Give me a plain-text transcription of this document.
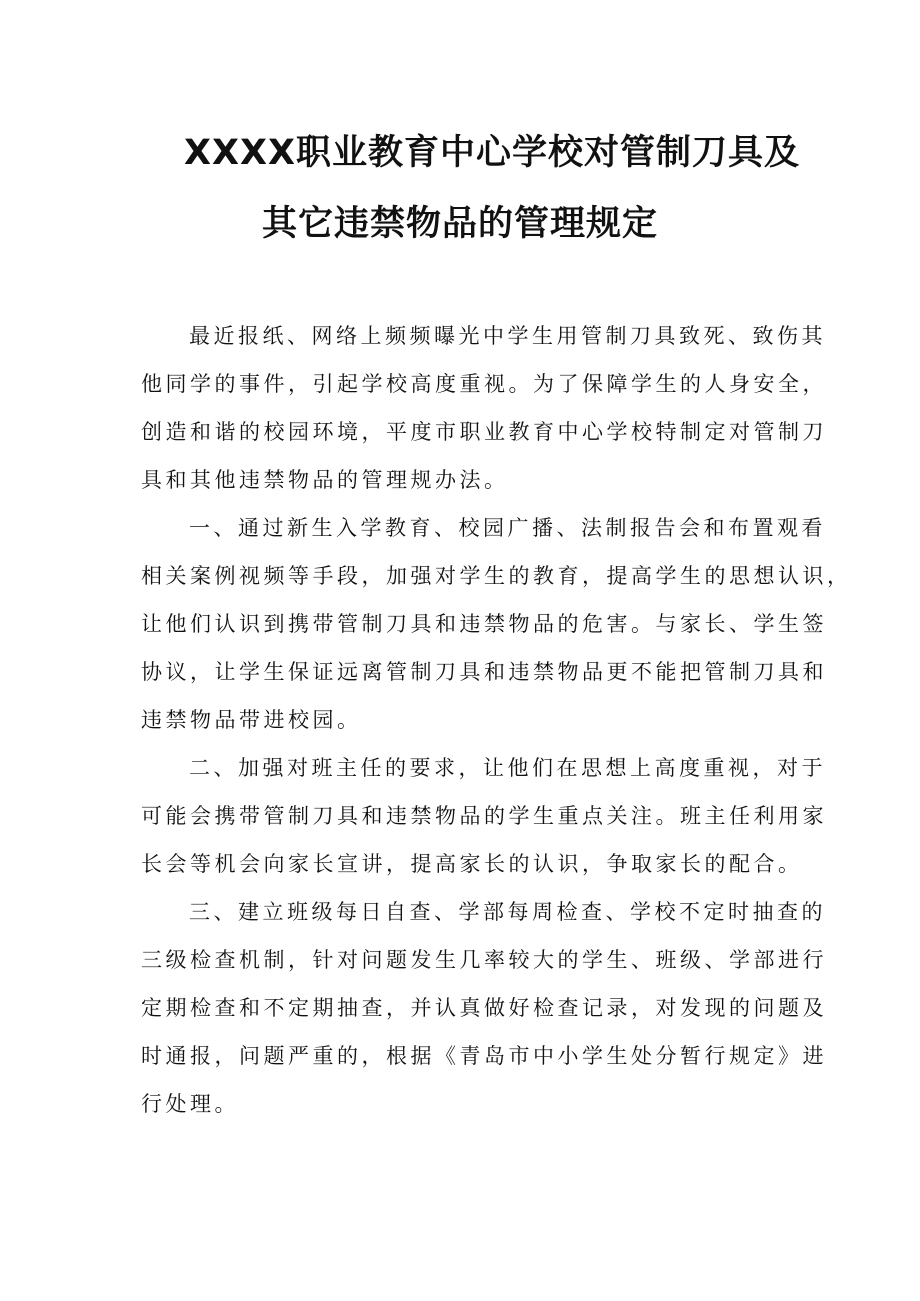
XXXX职业教育中心学校对管制刀具及
其它违禁物品的管理规定
最近报纸、网络上频频曝光中学生用管制刀具致死、致伤其
他同学的事件，引起学校高度重视。为了保障学生的人身安全，
创造和谐的校园环境，平度市职业教育中心学校特制定对管制刀
具和其他违禁物品的管理规办法。
一、通过新生入学教育、校园广播、法制报告会和布置观看
相关案例视频等手段，加强对学生的教育，提高学生的思想认识，
让他们认识到携带管制刀具和违禁物品的危害。与家长、学生签
协议，让学生保证远离管制刀具和违禁物品更不能把管制刀具和
违禁物品带进校园。
二、加强对班主任的要求，让他们在思想上高度重视，对于
可能会携带管制刀具和违禁物品的学生重点关注。班主任利用家
长会等机会向家长宣讲，提高家长的认识，争取家长的配合。
三、建立班级每日自查、学部每周检查、学校不定时抽查的
三级检查机制，针对问题发生几率较大的学生、班级、学部进行
定期检查和不定期抽查，并认真做好检查记录，对发现的问题及
时通报，问题严重的，根据《青岛市中小学生处分暂行规定》进
行处理。
